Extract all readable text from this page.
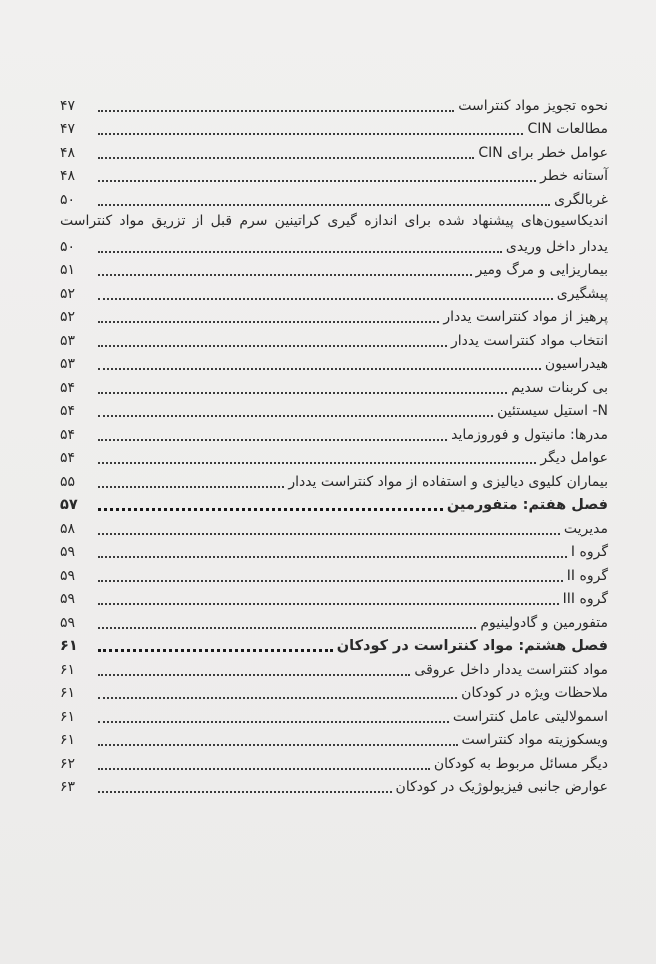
نحوه تجویز مواد کنتراست
۴۷
مطالعات CIN
۴۷
عوامل خطر برای CIN
۴۸
آستانه خطر
۴۸
غربالگری
۵۰
اندیکاسیون‌های پیشنهاد شده برای اندازه گیری کراتینین سرم قبل از تزریق مواد کنتراست
یددار داخل وریدی
۵۰
بیماریزایی و مرگ ومیر
۵۱
پیشگیری
۵۲
پرهیز از مواد کنتراست یددار
۵۲
انتخاب مواد کنتراست یددار
۵۳
هیدراسیون
۵۳
بی کربنات سدیم
۵۴
N- استیل سیستئین
۵۴
مدرها: مانیتول و فوروزماید
۵۴
عوامل دیگر
۵۴
بیماران کلیوی دیالیزی و استفاده از مواد کنتراست یددار
۵۵
فصل هفتم: متفورمین
۵۷
مدیریت
۵۸
گروه I
۵۹
گروه II
۵۹
گروه III
۵۹
متفورمین و گادولینیوم
۵۹
فصل هشتم: مواد کنتراست در کودکان
۶۱
مواد کنتراست یددار داخل عروقی
۶۱
ملاحظات ویژه در کودکان
۶۱
اسمولالیتی عامل کنتراست
۶۱
ویسکوزیته مواد کنتراست
۶۱
دیگر مسائل مربوط به کودکان
۶۲
عوارض جانبی فیزیولوژیک در کودکان
۶۳
